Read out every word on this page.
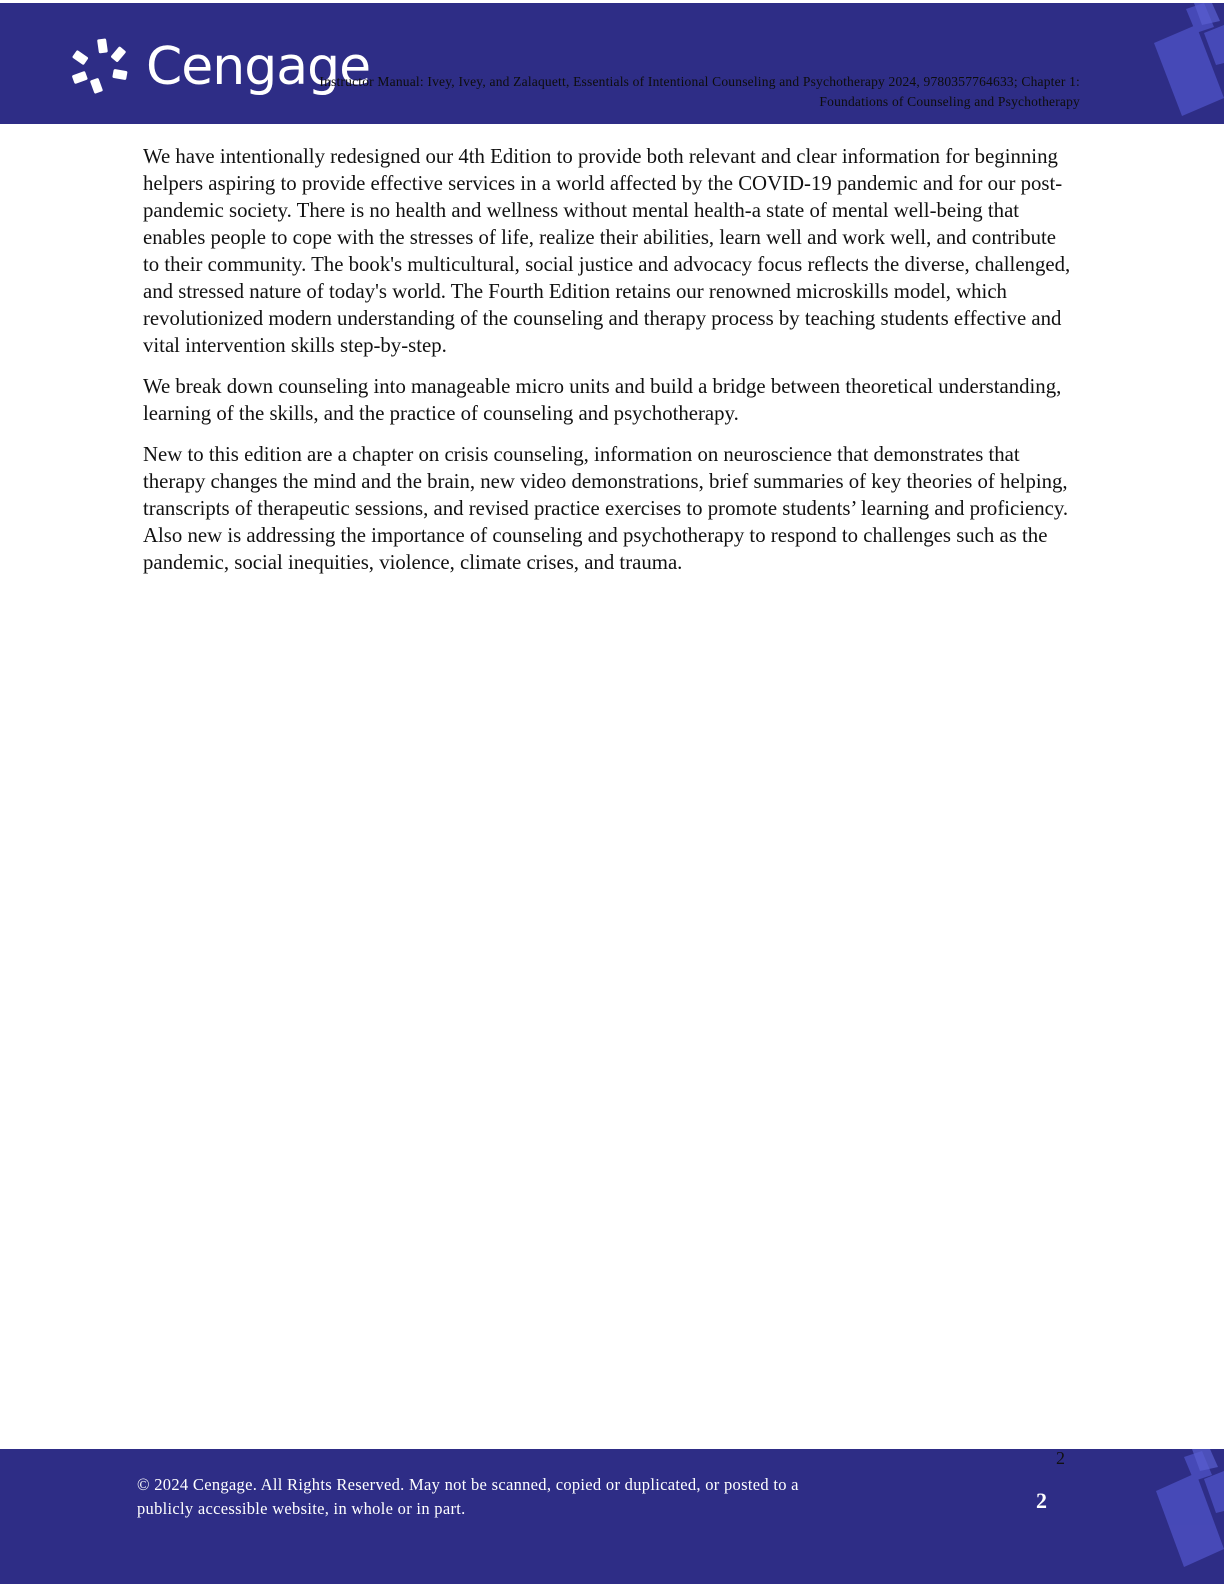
Cengage
Instructor Manual: Ivey, Ivey, and Zalaquett, Essentials of Intentional Counseling and Psychotherapy 2024, 9780357764633; Chapter 1:
Foundations of Counseling and Psychotherapy

We have intentionally redesigned our 4th Edition to provide both relevant and clear information for beginning helpers aspiring to provide effective services in a world affected by the COVID-19 pandemic and for our post-pandemic society. There is no health and wellness without mental health-a state of mental well-being that enables people to cope with the stresses of life, realize their abilities, learn well and work well, and contribute to their community. The book's multicultural, social justice and advocacy focus reflects the diverse, challenged, and stressed nature of today's world. The Fourth Edition retains our renowned microskills model, which revolutionized modern understanding of the counseling and therapy process by teaching students effective and vital intervention skills step-by-step.

We break down counseling into manageable micro units and build a bridge between theoretical understanding, learning of the skills, and the practice of counseling and psychotherapy.

New to this edition are a chapter on crisis counseling, information on neuroscience that demonstrates that therapy changes the mind and the brain, new video demonstrations, brief summaries of key theories of helping, transcripts of therapeutic sessions, and revised practice exercises to promote students’ learning and proficiency. Also new is addressing the importance of counseling and psychotherapy to respond to challenges such as the pandemic, social inequities, violence, climate crises, and trauma.

2
© 2024 Cengage. All Rights Reserved. May not be scanned, copied or duplicated, or posted to a publicly accessible website, in whole or in part.	2
